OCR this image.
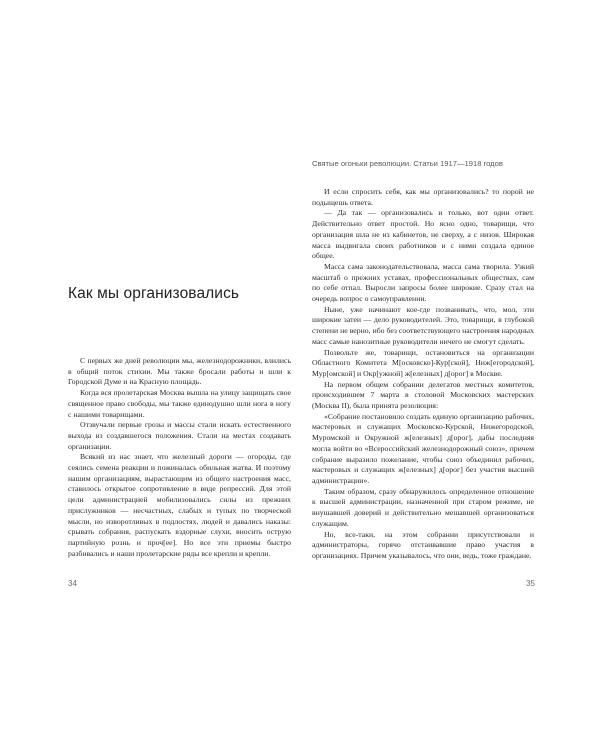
Как мы организовались

С первых же дней революции мы, железнодорожники, влились в общий поток стихии. Мы также бросали работы и шли к Городской Думе и на Красную площадь.

Когда вся пролетарская Москва вышла на улицу защищать свое священное право свободы, мы также единодушно шли нога в ногу с нашими товарищами.

Отзвучали первые грозы и массы стали искать естественного выхода из создавшегося положения. Стали на местах создавать организации.

Всякий из нас знает, что железный дороги — огороды, где сеялись семена реакции и пожиналась обильная жатва. И поэтому нашим организациям, вырастающим из общего настроения масс, ставилось открытое сопротивление в виде репрессий. Для этой цели администрацией мобилизовались силы из прежних прислужников — несчастных, слабых и тупых по творческой мысли, но изворотливых в подлостях, людей и давались наказы: срывать собрания, распускать вздорные слухи, вносить острую партийную рознь и проч[ее]. Но все эти приемы быстро разбивались и наши пролетарские ряды все крепли и крепли.

34
Святые огоньки революции. Статьи 1917—1918 годов

И если спросить себя, как мы организовались? то порой не подыщешь ответа.

— Да так — организовались и только, вот один ответ. Действительно ответ простой. Но ясно одно, товарищи, что организация шла не из кабинетов, не сверху, а с низов. Широкая масса выдвигала своих работников и с ними создала единое общее.

Масса сама законодательствовала, масса сама творила. Узкий масштаб о прежних уставах, профессиональных обществах, сам по себе отпал. Выросли запросы более широкие. Сразу стал на очередь вопрос о самоуправлении.

Ныне, уже начинают кое-где позванивать, что, мол, эти широкие затеи — дело руководителей. Это, товарищи, в глубокой степени не верно, ибо без соответствующего настроения народных масс самые нанозитные руководители ничего не смогут сделать.

Позвольте же, товарищи, остановиться на организации Областного Комитета М[осковско]-Кур[ской], Ниж[егородской], Мур[омской] и Окр[ужной] ж[елезных] д[орог] в Москве.

На первом общем собрании делегатов местных комитетов, происходившем 7 марта в столовой Московских мастерских (Москва II), была принята резолюция:

«Собрание постановило создать единую организацию рабочих, мастеровых и служащих Московско-Курской, Нижегородской, Муромской и Окружной ж[елезных] д[орог], дабы последняя могла войти во «Всероссийский железнодорожный союз», причем собрание выразило пожелание, чтобы союз объединил рабочих, мастеровых и служащих ж[елезных] д[орог] без участия высшей администрации».

Таким образом, сразу обнаружилось определенное отношение к высшей администрации, назначенной при старом режиме, не внушавшей доверий и действительно мешавшей организоваться служащим.

Но, все-таки, на этом собрании присутствовали и администраторы, горячо отстаивавшие право участия в организациях. Причем указывалось, что они, ведь, тоже граждане.

35
